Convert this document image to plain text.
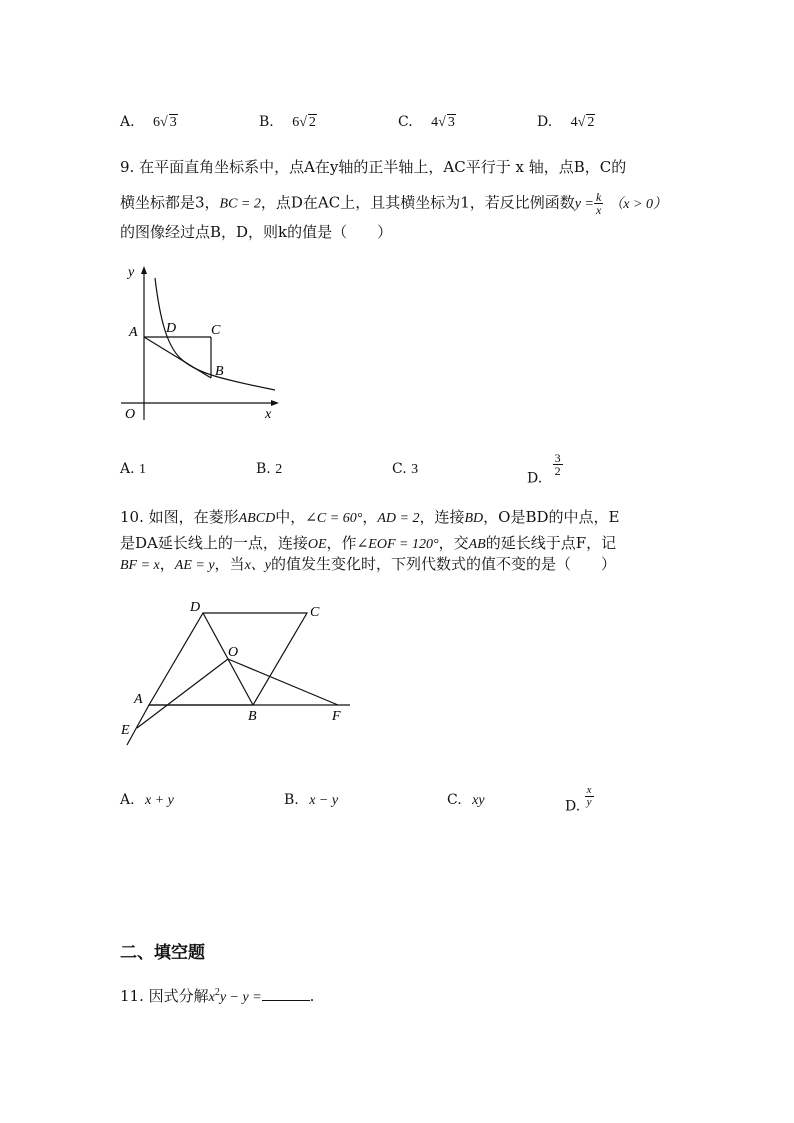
A. 6√ 3	B. 6√ 2	C. 4√ 3	D. 4√ 2
9. 在平面直角坐标系中，点A在y轴的正半轴上，AC平行于 x 轴，点B，C的
横坐标都是3，BC = 2，点D在AC上，且其横坐标为1，若反比例函数$y = \frac{k}{x} (x > 0)$
的图像经过点B，D，则k的值是（　　）
y
A D C
B
O	x
A. 1	B. 2	C. 3
D.
$\frac{3}{2}$
10. 如图，在菱形ABCD中，∠C = 60°，AD = 2，连接BD，O是BD的中点，E
是DA延长线上的一点，连接OE，作∠EOF = 120°，交AB的延长线于点F，记
BF = x，AE = y，当x、y的值发生变化时，下列代数式的值不变的是（　　）
D	C
O
A
B	F
E
A. x + y	B. x − y	C. xy	D. $\frac{x}{y}$
二、填空题
11. 因式分解$x^2y - y$ =	.
